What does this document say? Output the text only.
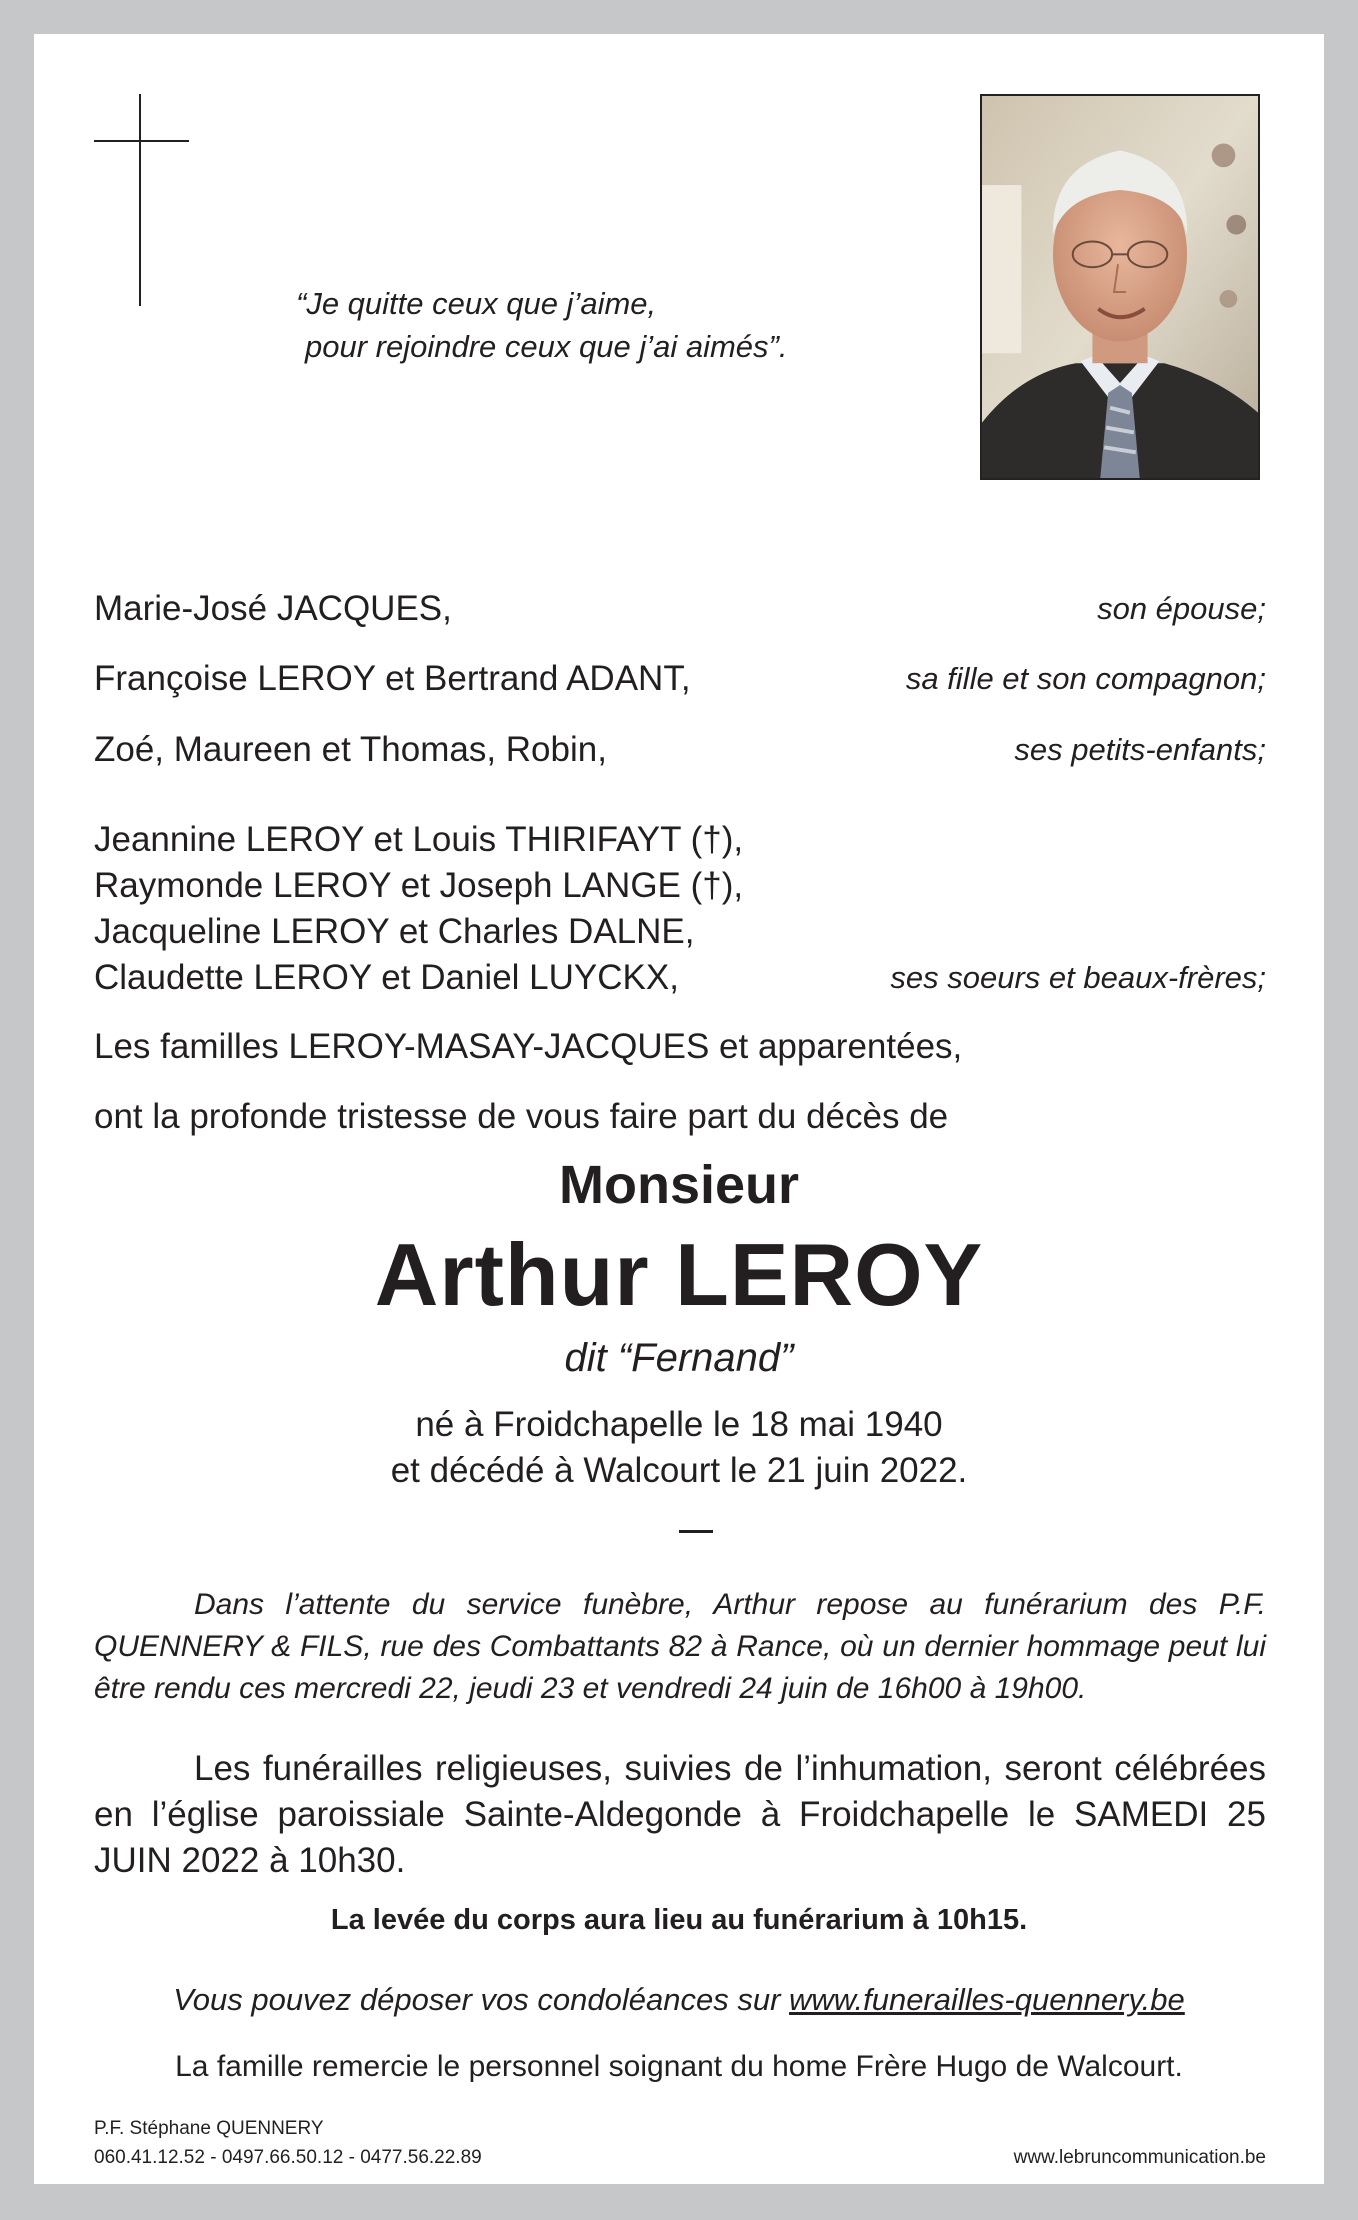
“Je quitte ceux que j’aime,
pour rejoindre ceux que j’ai aimés”.
Marie-José JACQUES,	son épouse;
Françoise LEROY et Bertrand ADANT,	sa fille et son compagnon;
Zoé, Maureen et Thomas, Robin,	ses petits-enfants;
Jeannine LEROY et Louis THIRIFAYT (†),
Raymonde LEROY et Joseph LANGE (†),
Jacqueline LEROY et Charles DALNE,
Claudette LEROY et Daniel LUYCKX,	ses soeurs et beaux-frères;
Les familles LEROY-MASAY-JACQUES et apparentées,
ont la profonde tristesse de vous faire part du décès de
Monsieur
Arthur LEROY
dit “Fernand”
né à Froidchapelle le 18 mai 1940
et décédé à Walcourt le 21 juin 2022.
Dans l’attente du service funèbre, Arthur repose au funérarium des P.F. QUENNERY & FILS, rue des Combattants 82 à Rance, où un dernier hommage peut lui être rendu ces mercredi 22, jeudi 23 et vendredi 24 juin de 16h00 à 19h00.
Les funérailles religieuses, suivies de l’inhumation, seront célébrées en l’église paroissiale Sainte-Aldegonde à Froidchapelle le SAMEDI 25 JUIN 2022 à 10h30.
La levée du corps aura lieu au funérarium à 10h15.
Vous pouvez déposer vos condoléances sur www.funerailles-quennery.be
La famille remercie le personnel soignant du home Frère Hugo de Walcourt.
P.F. Stéphane QUENNERY
060.41.12.52 - 0497.66.50.12 - 0477.56.22.89	www.lebruncommunication.be
